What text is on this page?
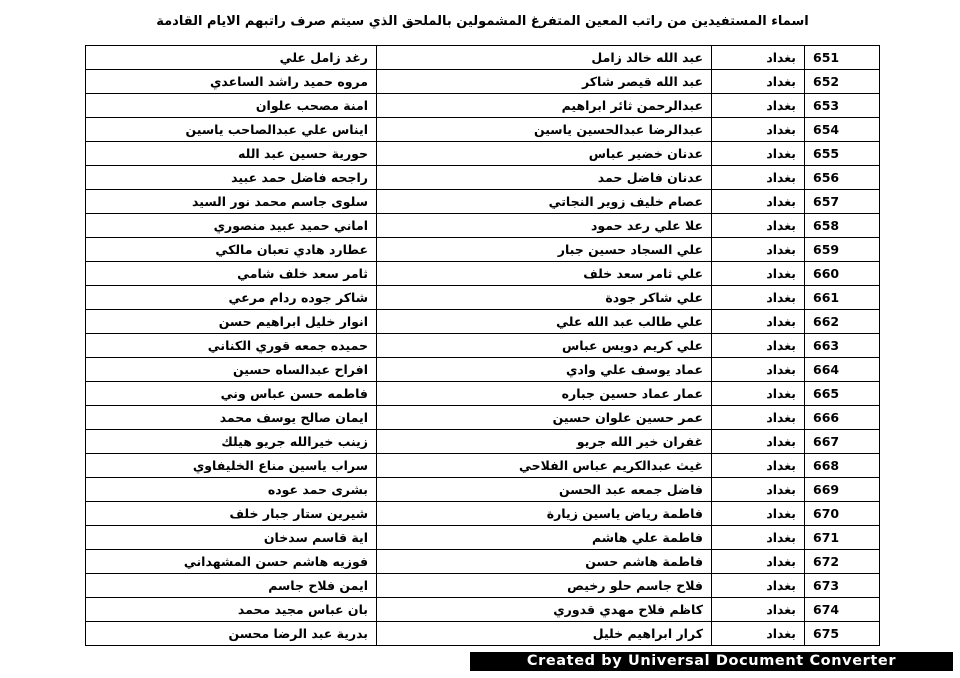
اسماء المستفيدين من راتب المعين المتفرغ المشمولين بالملحق الذي سيتم صرف راتبهم الايام القادمة
651	بغداد	عبد الله خالد زامل	رغد زامل علي
652	بغداد	عبد الله قيصر شاكر	مروه حميد راشد الساعدي
653	بغداد	عبدالرحمن ثائر ابراهيم	امنة مصحب علوان
654	بغداد	عبدالرضا عبدالحسين ياسين	ايناس علي عبدالصاحب ياسين
655	بغداد	عدنان خضير عباس	حورية حسين عبد الله
656	بغداد	عدنان فاضل حمد	راجحه فاضل حمد عبيد
657	بغداد	عصام خليف زوير النجاتي	سلوى جاسم محمد نور السيد
658	بغداد	علا علي رعد حمود	اماني حميد عبيد منصوري
659	بغداد	علي السجاد حسين جبار	عطارد هادي تعبان مالكي
660	بغداد	علي ثامر سعد خلف	ثامر سعد خلف شامي
661	بغداد	علي شاكر جودة	شاكر جوده ردام مرعي
662	بغداد	علي طالب عبد الله علي	انوار خليل ابراهيم حسن
663	بغداد	علي كريم دويس عباس	حميده جمعه قوري الكناني
664	بغداد	عماد يوسف علي وادي	افراح عبدالساه حسين
665	بغداد	عمار عماد حسين جباره	فاطمه حسن عباس وني
666	بغداد	عمر حسين علوان حسين	ايمان صالح يوسف محمد
667	بغداد	غفران خير الله جريو	زينب خيرالله جريو هيلك
668	بغداد	غيث عبدالكريم عباس الفلاحي	سراب ياسين مناع الخليفاوي
669	بغداد	فاضل جمعه عبد الحسن	بشرى حمد عوده
670	بغداد	فاطمة رياض ياسين زيارة	شيرين ستار جبار خلف
671	بغداد	فاطمة علي هاشم	اية قاسم سدخان
672	بغداد	فاطمة هاشم حسن	فوزيه هاشم حسن المشهداني
673	بغداد	فلاح جاسم حلو رخيص	ايمن فلاح جاسم
674	بغداد	كاظم فلاح مهدي قدوري	بان عباس مجيد محمد
675	بغداد	كرار ابراهيم خليل	بدرية عبد الرضا محسن
Created by Universal Document Converter
